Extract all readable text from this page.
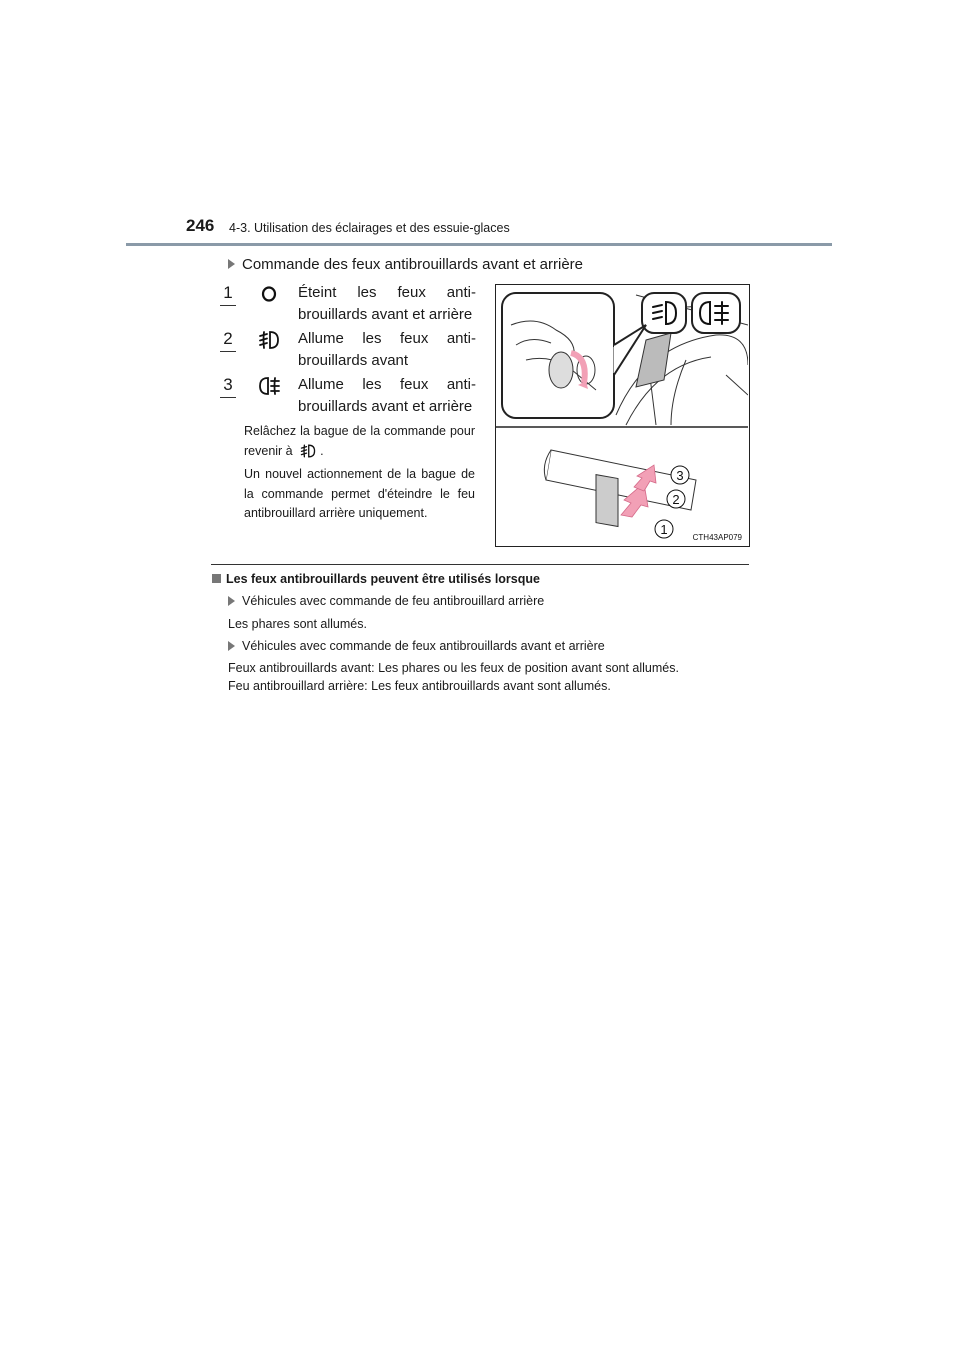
246 4-3. Utilisation des éclairages et des essuie-glaces
Commande des feux antibrouillards avant et arrière
1	Éteint les feux anti-brouillards avant et arrière
2	Allume les feux anti-brouillards avant
3	Allume les feux anti-brouillards avant et arrière
Relâchez la bague de la commande pour revenir à .
Un nouvel actionnement de la bague de la commande permet d'éteindre le feu antibrouillard arrière uniquement.
3
2
1
CTH43AP079
Les feux antibrouillards peuvent être utilisés lorsque
Véhicules avec commande de feu antibrouillard arrière
Les phares sont allumés.
Véhicules avec commande de feux antibrouillards avant et arrière
Feux antibrouillards avant: Les phares ou les feux de position avant sont allumés.
Feu antibrouillard arrière: Les feux antibrouillards avant sont allumés.
